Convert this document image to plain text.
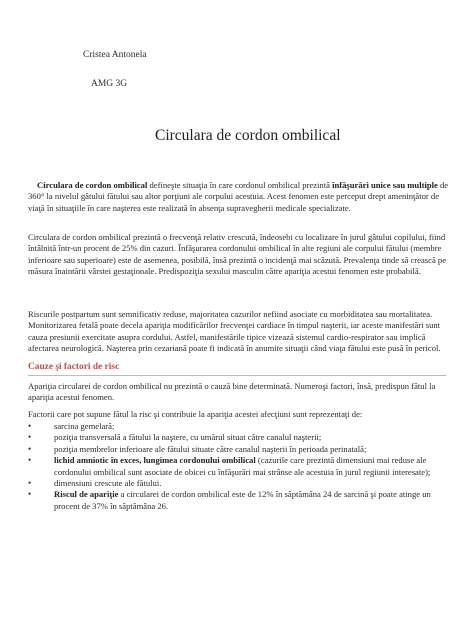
Cristea Antonela
AMG 3G
Circulara de cordon ombilical
Circulara de cordon ombilical defineşte situaţia în care cordonul ombilical prezintă înfăşurări unice sau multiple de 360° la nivelul gâtului fătului sau altor porţiuni ale corpului acestuia. Acest fenomen este perceput drept ameninţător de viaţă în situaţiile în care naşterea este realizată în absenţa supravegherii medicale specializate.
Circulara de cordon ombilical prezintă o frecvenţă relativ crescută, îndeosebi cu localizare în jurul gâtului copilului, fiind întâlnită într-un procent de 25% din cazuri. Înfăşurarea cordonului ombilical în alte regiuni ale corpului fătului (membre inferioare sau superioare) este de asemenea, posibilă, însă prezintă o incidenţă mai scăzută. Prevalenţa tinde să crească pe măsura înaintării vârstei gestaţionale. Predispoziţia sexului masculin către apariţia acestui fenomen este probabilă.
Riscurile postpartum sunt semnificativ reduse, majoritatea cazurilor nefiind asociate cu morbiditatea sau mortalitatea. Monitorizarea fetală poate decela apariţia modificărilor frecvenţei cardiace în timpul naşterii, iar aceste manifestări sunt cauza presiunii exercitate asupra cordului. Astfel, manifestările tipice vizează sistemul cardio-respirator sau implică afectarea neurologică. Naşterea prin cezariană poate fi indicată în anumite situaţii când viaţa fătului este pusă în pericol.
Cauze şi factori de risc
Apariţia circularei de cordon ombilical nu prezintă o cauză bine determinată. Numeroşi factori, însă, predispun fătul la apariţia acestui fenomen.
Factorii care pot supune fătul la risc şi contribuie la apariţia acestei afecţiuni sunt reprezentaţi de:
•	sarcina gemelară;
•	poziţia transversală a fătului la naştere, cu umărul situat către canalul naşterii;
•	poziţia membrelor inferioare ale fătului situate către canalul naşterii în perioada perinatală;
•	lichid amniotic în exces, lungimea cordonului ombilical (cazurile care prezintă dimensiuni mai reduse ale cordonului ombilical sunt asociate de obicei cu înfăşurări mai strânse ale acestuia în jurul regiunii interesate);
•	dimensiuni crescute ale fătului.
•	Riscul de apariţie a circularei de cordon ombilical este de 12% în săptămâna 24 de sarcină şi poate atinge un procent de 37% în săptămâna 26.
